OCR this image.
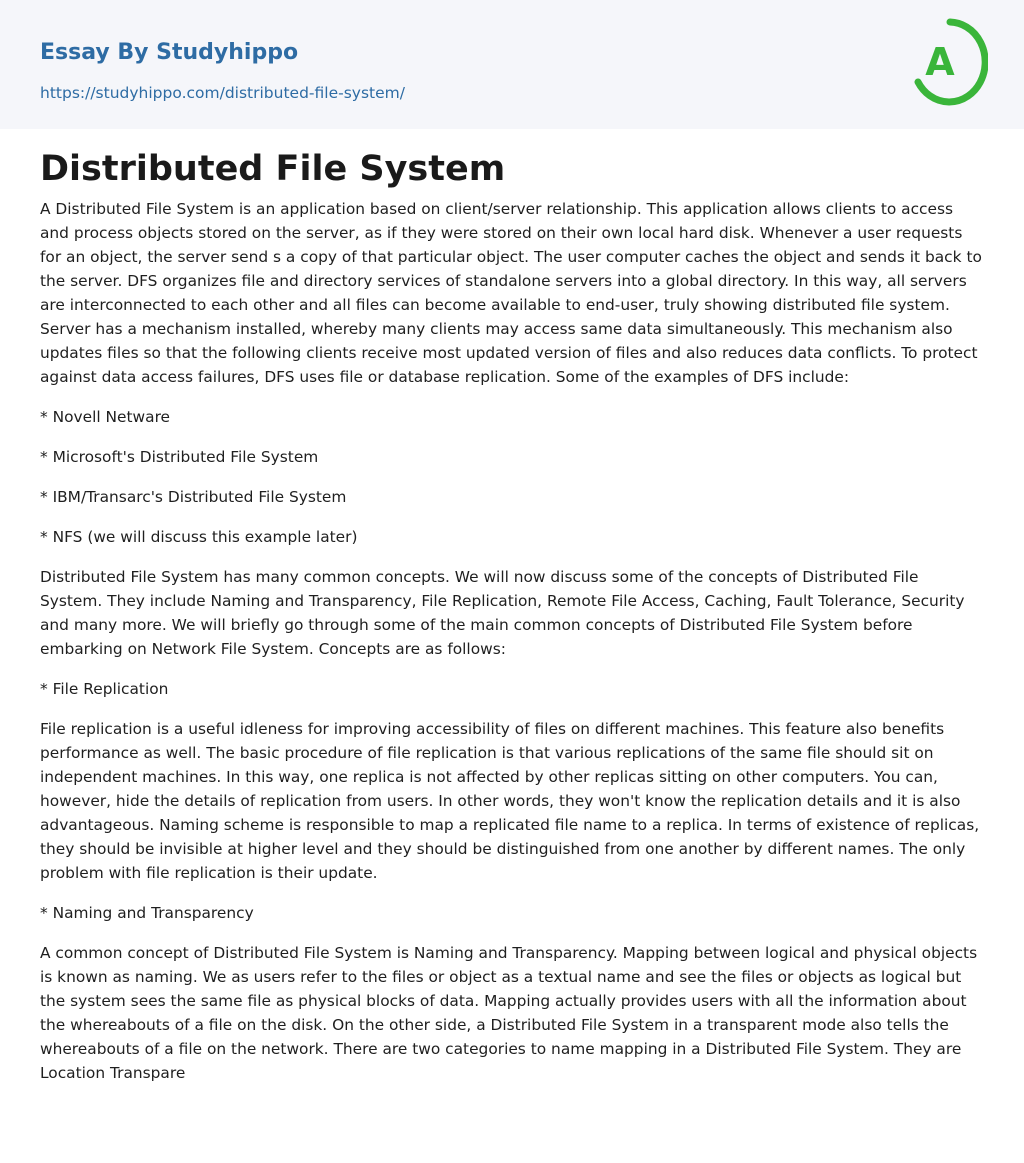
Essay By Studyhippo
https://studyhippo.com/distributed-file-system/
A
Distributed File System

A Distributed File System is an application based on client/server relationship. This application allows clients to access and process objects stored on the server, as if they were stored on their own local hard disk. Whenever a user requests for an object, the server send s a copy of that particular object. The user computer caches the object and sends it back to the server. DFS organizes file and directory services of standalone servers into a global directory. In this way, all servers are interconnected to each other and all files can become available to end-user, truly showing distributed file system. Server has a mechanism installed, whereby many clients may access same data simultaneously. This mechanism also updates files so that the following clients receive most updated version of files and also reduces data conflicts. To protect against data access failures, DFS uses file or database replication. Some of the examples of DFS include:

* Novell Netware

* Microsoft's Distributed File System

* IBM/Transarc's Distributed File System

* NFS (we will discuss this example later)

Distributed File System has many common concepts. We will now discuss some of the concepts of Distributed File System. They include Naming and Transparency, File Replication, Remote File Access, Caching, Fault Tolerance, Security and many more. We will briefly go through some of the main common concepts of Distributed File System before embarking on Network File System. Concepts are as follows:

* File Replication

File replication is a useful idleness for improving accessibility of files on different machines. This feature also benefits performance as well. The basic procedure of file replication is that various replications of the same file should sit on independent machines. In this way, one replica is not affected by other replicas sitting on other computers. You can, however, hide the details of replication from users. In other words, they won't know the replication details and it is also advantageous. Naming scheme is responsible to map a replicated file name to a replica. In terms of existence of replicas, they should be invisible at higher level and they should be distinguished from one another by different names. The only problem with file replication is their update.

* Naming and Transparency

A common concept of Distributed File System is Naming and Transparency. Mapping between logical and physical objects is known as naming. We as users refer to the files or object as a textual name and see the files or objects as logical but the system sees the same file as physical blocks of data. Mapping actually provides users with all the information about the whereabouts of a file on the disk. On the other side, a Distributed File System in a transparent mode also tells the whereabouts of a file on the network. There are two categories to name mapping in a Distributed File System. They are Location Transpare
